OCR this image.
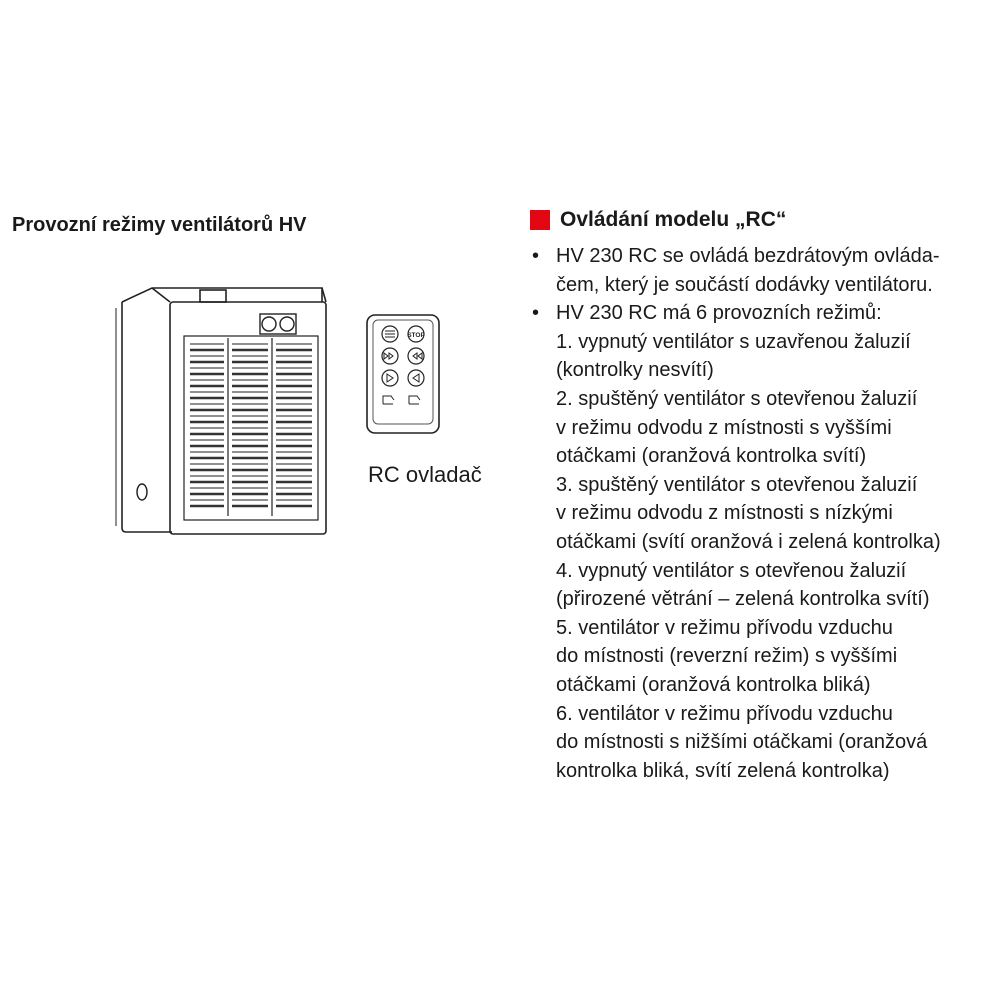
Provozní režimy ventilátorů HV
STOP
RC ovladač
Ovládání modelu „RC“
• HV 230 RC se ovládá bezdrátovým ovláda-
čem, který je součástí dodávky ventilátoru.
• HV 230 RC má 6 provozních režimů:
1. vypnutý ventilátor s uzavřenou žaluzií
(kontrolky nesvítí)
2. spuštěný ventilátor s otevřenou žaluzií
v režimu odvodu z místnosti s vyššími
otáčkami (oranžová kontrolka svítí)
3. spuštěný ventilátor s otevřenou žaluzií
v režimu odvodu z místnosti s nízkými
otáčkami (svítí oranžová i zelená kontrolka)
4. vypnutý ventilátor s otevřenou žaluzií
(přirozené větrání – zelená kontrolka svítí)
5. ventilátor v režimu přívodu vzduchu
do místnosti (reverzní režim) s vyššími
otáčkami (oranžová kontrolka bliká)
6. ventilátor v režimu přívodu vzduchu
do místnosti s nižšími otáčkami (oranžová
kontrolka bliká, svítí zelená kontrolka)
